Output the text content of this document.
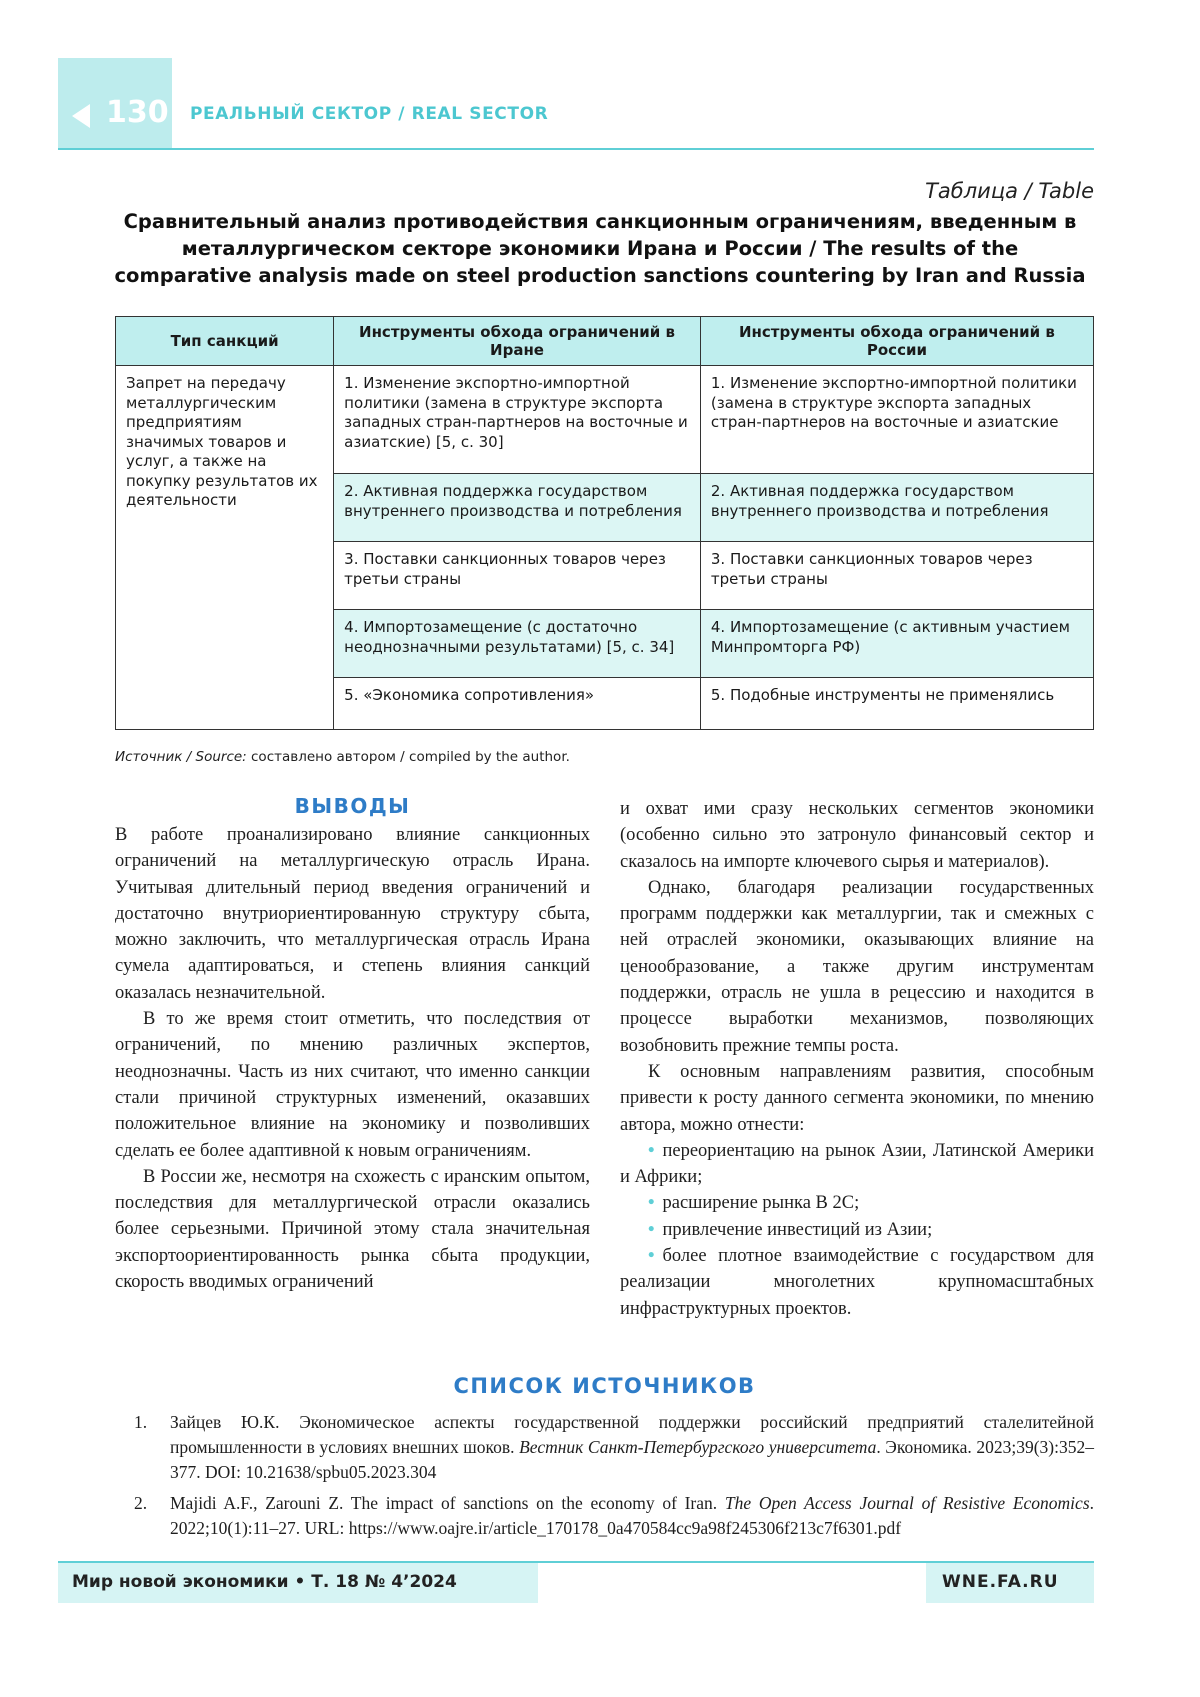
130 РЕАЛЬНЫЙ СЕКТОР / REAL SECTOR
Таблица / Table
Сравнительный анализ противодействия санкционным ограничениям, введенным в металлургическом секторе экономики Ирана и России / The results of the comparative analysis made on steel production sanctions countering by Iran and Russia
Тип санкций	Инструменты обхода ограничений в Иране	Инструменты обхода ограничений в России
Запрет на передачу металлургическим предприятиям значимых товаров и услуг, а также на покупку результатов их деятельности	1. Изменение экспортно-импортной политики (замена в структуре экспорта западных стран-партнеров на восточные и азиатские) [5, с. 30]	1. Изменение экспортно-импортной политики (замена в структуре экспорта западных стран-партнеров на восточные и азиатские
	2. Активная поддержка государством внутреннего производства и потребления	2. Активная поддержка государством внутреннего производства и потребления
	3. Поставки санкционных товаров через третьи страны	3. Поставки санкционных товаров через третьи страны
	4. Импортозамещение (с достаточно неоднозначными результатами) [5, с. 34]	4. Импортозамещение (с активным участием Минпромторга РФ)
	5. «Экономика сопротивления»	5. Подобные инструменты не применялись
Источник / Source: составлено автором / compiled by the author.
ВЫВОДЫ

В работе проанализировано влияние санкционных ограничений на металлургическую отрасль Ирана. Учитывая длительный период введения ограничений и достаточно внутриориентированную структуру сбыта, можно заключить, что металлургическая отрасль Ирана сумела адаптироваться, и степень влияния санкций оказалась незначительной.

В то же время стоит отметить, что последствия от ограничений, по мнению различных экспертов, неоднозначны. Часть из них считают, что именно санкции стали причиной структурных изменений, оказавших положительное влияние на экономику и позволивших сделать ее более адаптивной к новым ограничениям.

В России же, несмотря на схожесть с иранским опытом, последствия для металлургической отрасли оказались более серьезными. Причиной этому стала значительная экспортоориентированность рынка сбыта продукции, скорость вводимых ограничений

и охват ими сразу нескольких сегментов экономики (особенно сильно это затронуло финансовый сектор и сказалось на импорте ключевого сырья и материалов).

Однако, благодаря реализации государственных программ поддержки как металлургии, так и смежных с ней отраслей экономики, оказывающих влияние на ценообразование, а также другим инструментам поддержки, отрасль не ушла в рецессию и находится в процессе выработки механизмов, позволяющих возобновить прежние темпы роста.

К основным направлениям развития, способным привести к росту данного сегмента экономики, по мнению автора, можно отнести:

• переориентацию на рынок Азии, Латинской Америки и Африки;

• расширение рынка B 2C;

• привлечение инвестиций из Азии;

• более плотное взаимодействие с государством для реализации многолетних крупномасштабных инфраструктурных проектов.

СПИСОК ИСТОЧНИКОВ
1. Зайцев Ю.К. Экономическое аспекты государственной поддержки российский предприятий сталелитейной промышленности в условиях внешних шоков. Вестник Санкт-Петербургского университета. Экономика. 2023;39(3):352–377. DOI: 10.21638/spbu05.2023.304
2. Majidi A.F., Zarouni Z. The impact of sanctions on the economy of Iran. The Open Access Journal of Resistive Economics. 2022;10(1):11–27. URL: https://www.oajre.ir/article_170178_0a470584cc9a98f245306f213c7f6301.pdf
Мир новой экономики • Т. 18 № 4’2024	WNE.FA.RU
